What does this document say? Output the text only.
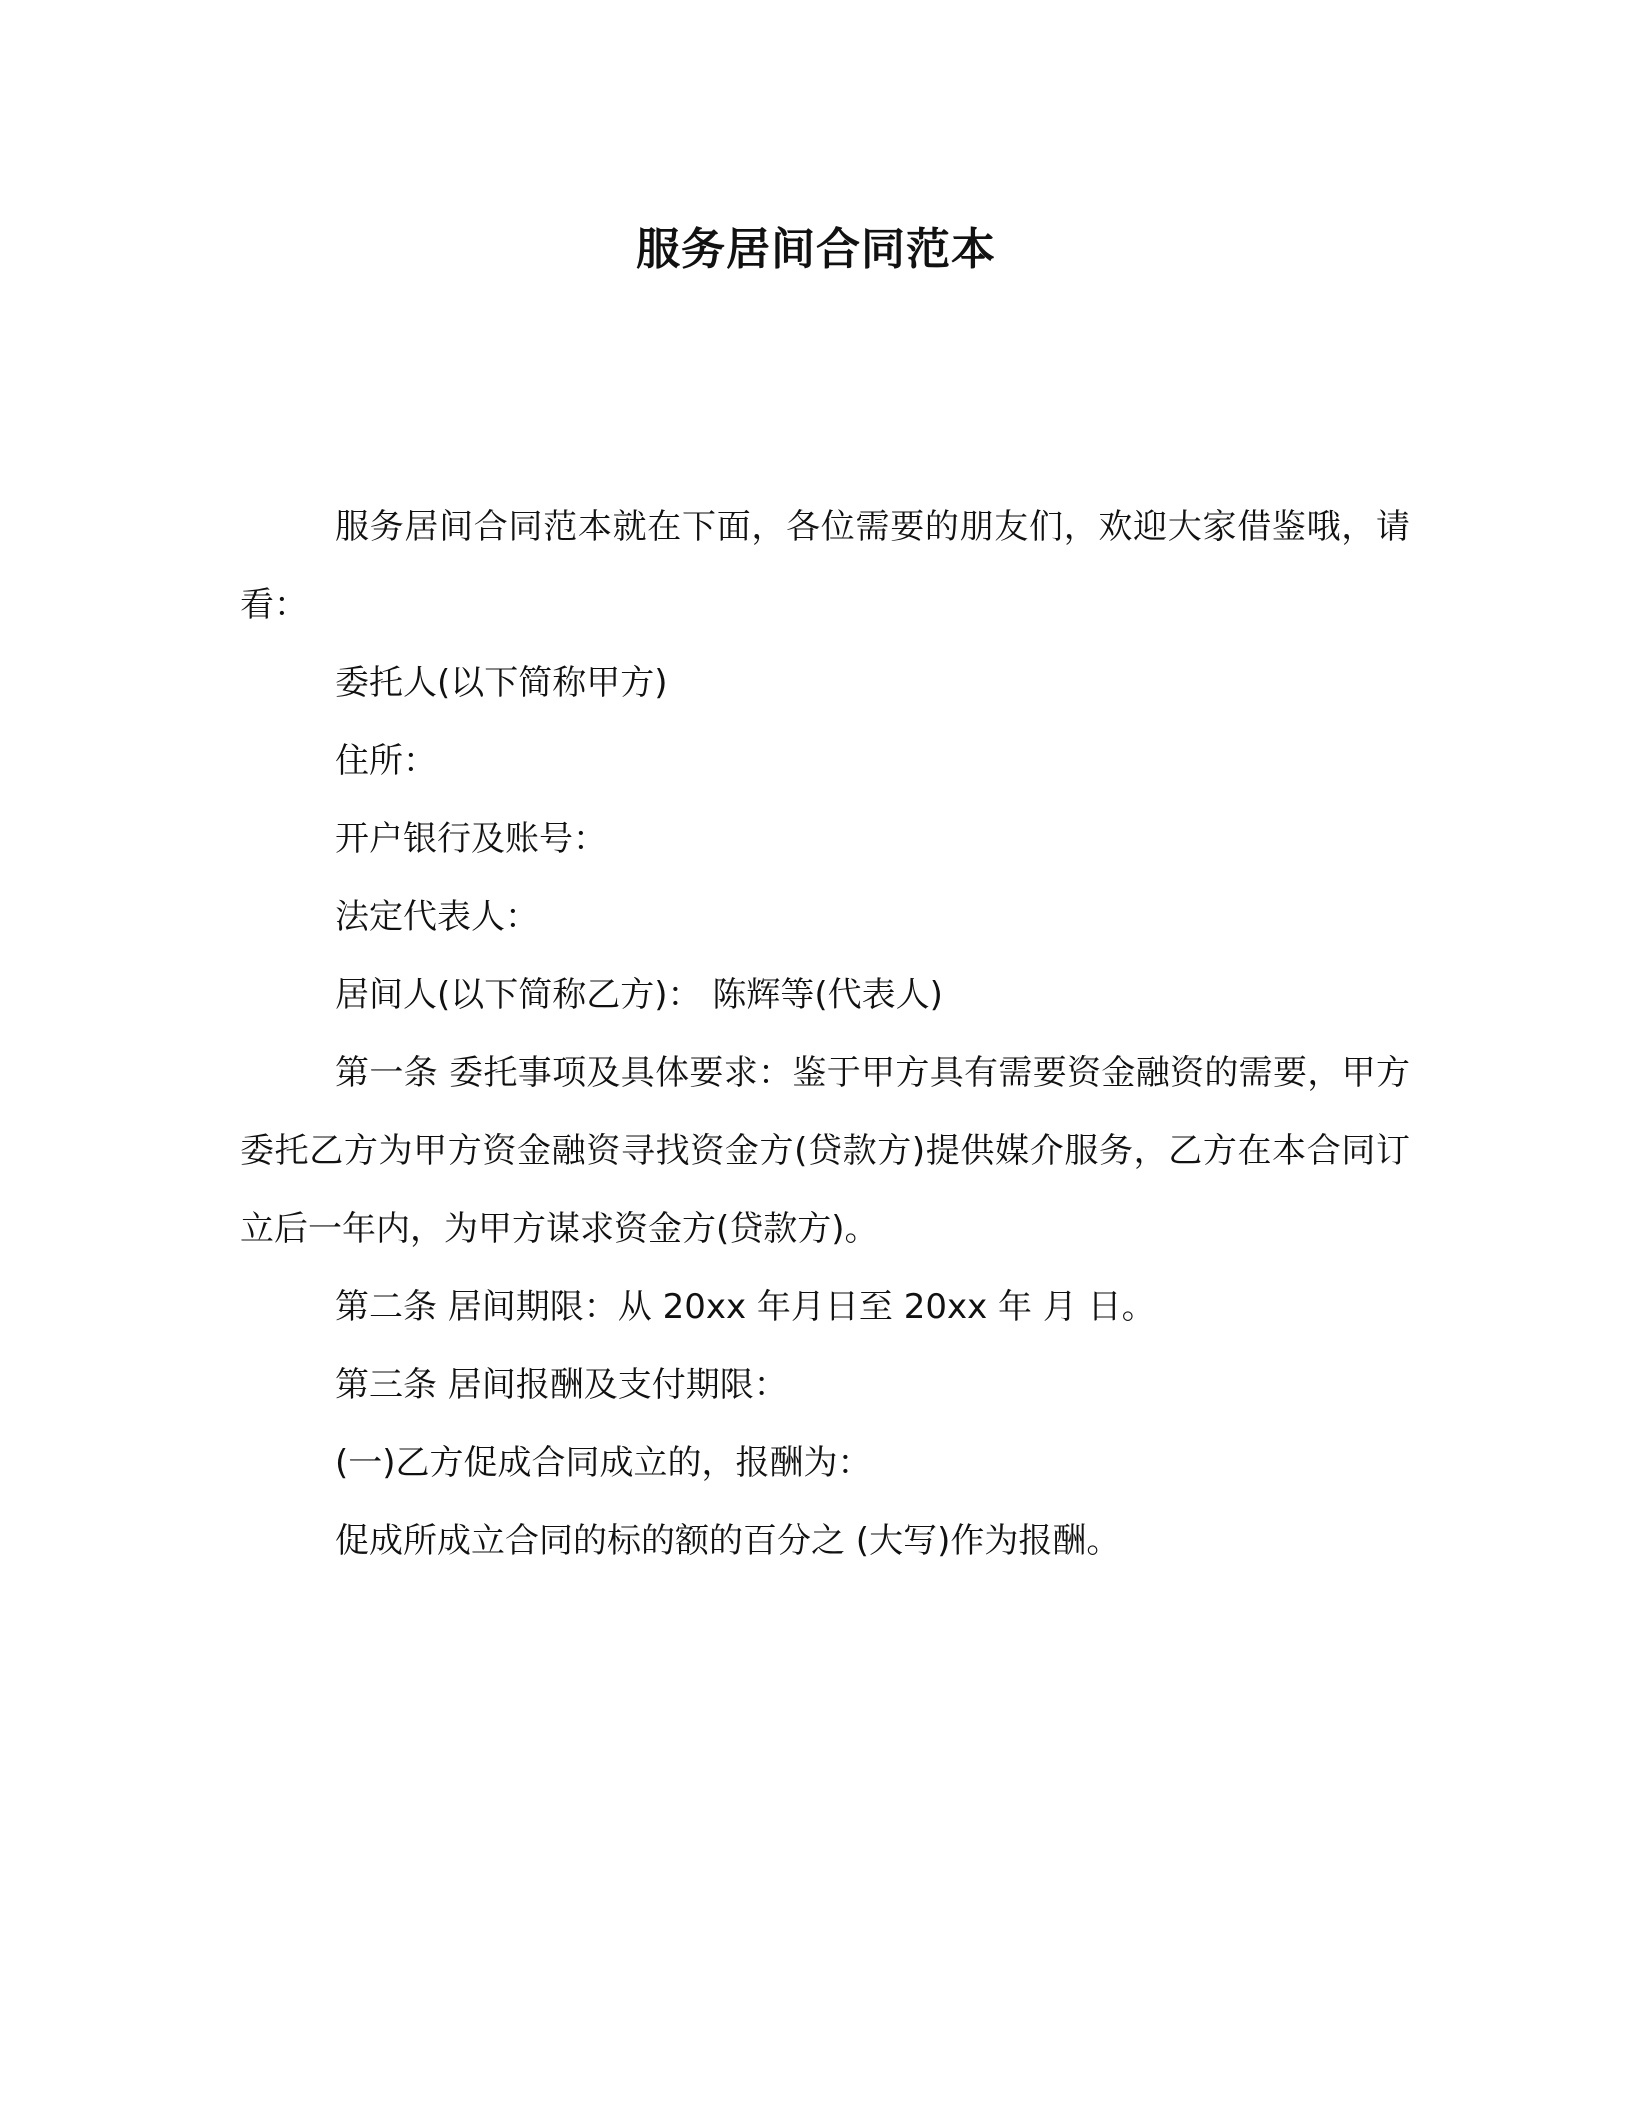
服务居间合同范本

服务居间合同范本就在下面，各位需要的朋友们，欢迎大家借鉴哦，请看：

委托人(以下简称甲方)

住所：

开户银行及账号：

法定代表人：

居间人(以下简称乙方)： 陈辉等(代表人)

第一条 委托事项及具体要求：鉴于甲方具有需要资金融资的需要，甲方委托乙方为甲方资金融资寻找资金方(贷款方)提供媒介服务，乙方在本合同订立后一年内，为甲方谋求资金方(贷款方)。

第二条 居间期限：从 20xx 年月日至 20xx 年 月 日。

第三条 居间报酬及支付期限：

(一)乙方促成合同成立的，报酬为：

促成所成立合同的标的额的百分之 (大写)作为报酬。
